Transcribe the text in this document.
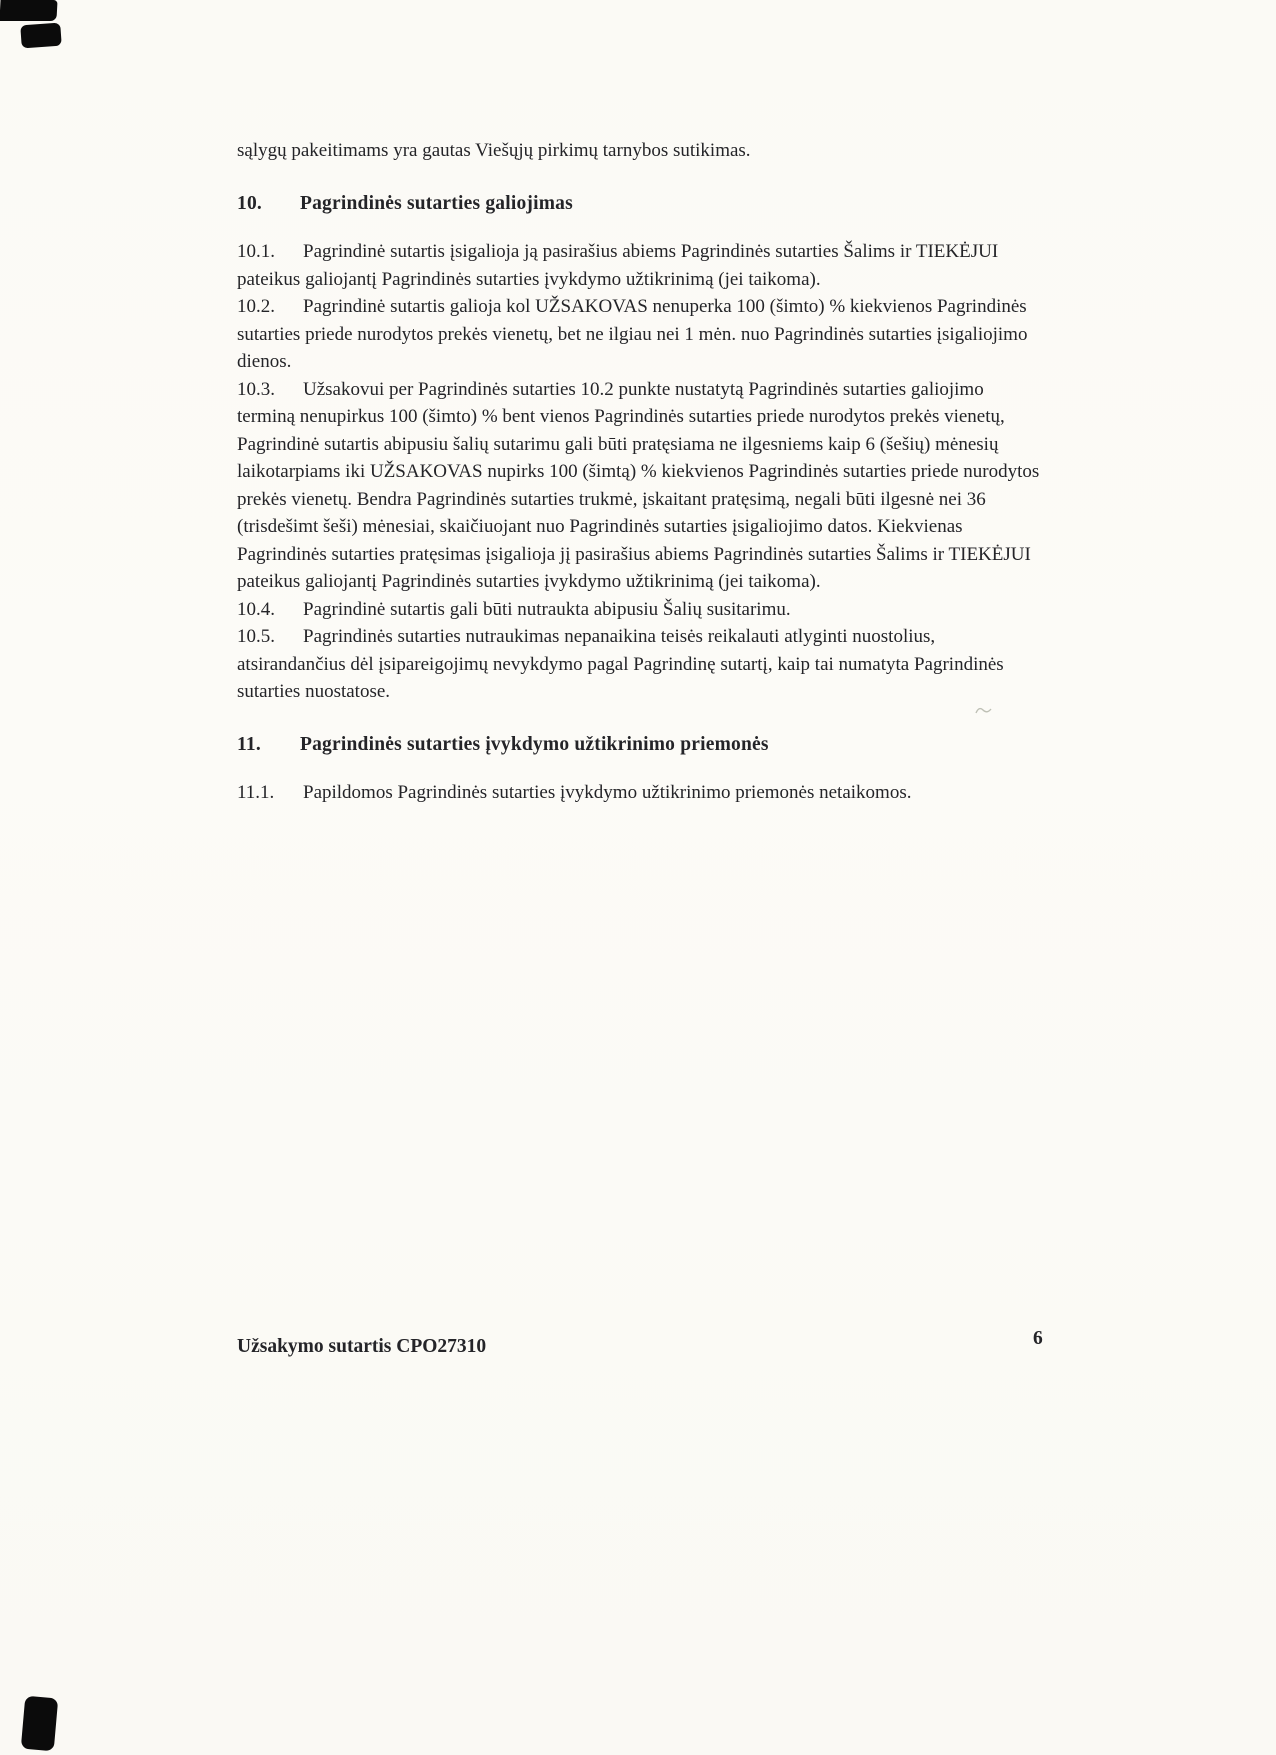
sąlygų pakeitimams yra gautas Viešųjų pirkimų tarnybos sutikimas.

10. Pagrindinės sutarties galiojimas

10.1. Pagrindinė sutartis įsigalioja ją pasirašius abiems Pagrindinės sutarties Šalims ir TIEKĖJUI pateikus galiojantį Pagrindinės sutarties įvykdymo užtikrinimą (jei taikoma).

10.2. Pagrindinė sutartis galioja kol UŽSAKOVAS nenuperka 100 (šimto) % kiekvienos Pagrindinės sutarties priede nurodytos prekės vienetų, bet ne ilgiau nei 1 mėn. nuo Pagrindinės sutarties įsigaliojimo dienos.

10.3. Užsakovui per Pagrindinės sutarties 10.2 punkte nustatytą Pagrindinės sutarties galiojimo terminą nenupirkus 100 (šimto) % bent vienos Pagrindinės sutarties priede nurodytos prekės vienetų, Pagrindinė sutartis abipusiu šalių sutarimu gali būti pratęsiama ne ilgesniems kaip 6 (šešių) mėnesių laikotarpiams iki UŽSAKOVAS nupirks 100 (šimtą) % kiekvienos Pagrindinės sutarties priede nurodytos prekės vienetų. Bendra Pagrindinės sutarties trukmė, įskaitant pratęsimą, negali būti ilgesnė nei 36 (trisdešimt šeši) mėnesiai, skaičiuojant nuo Pagrindinės sutarties įsigaliojimo datos. Kiekvienas Pagrindinės sutarties pratęsimas įsigalioja jį pasirašius abiems Pagrindinės sutarties Šalims ir TIEKĖJUI pateikus galiojantį Pagrindinės sutarties įvykdymo užtikrinimą (jei taikoma).

10.4. Pagrindinė sutartis gali būti nutraukta abipusiu Šalių susitarimu.

10.5. Pagrindinės sutarties nutraukimas nepanaikina teisės reikalauti atlyginti nuostolius, atsirandančius dėl įsipareigojimų nevykdymo pagal Pagrindinę sutartį, kaip tai numatyta Pagrindinės sutarties nuostatose.

11. Pagrindinės sutarties įvykdymo užtikrinimo priemonės

11.1. Papildomos Pagrindinės sutarties įvykdymo užtikrinimo priemonės netaikomos.

Užsakymo sutartis CPO27310	6
